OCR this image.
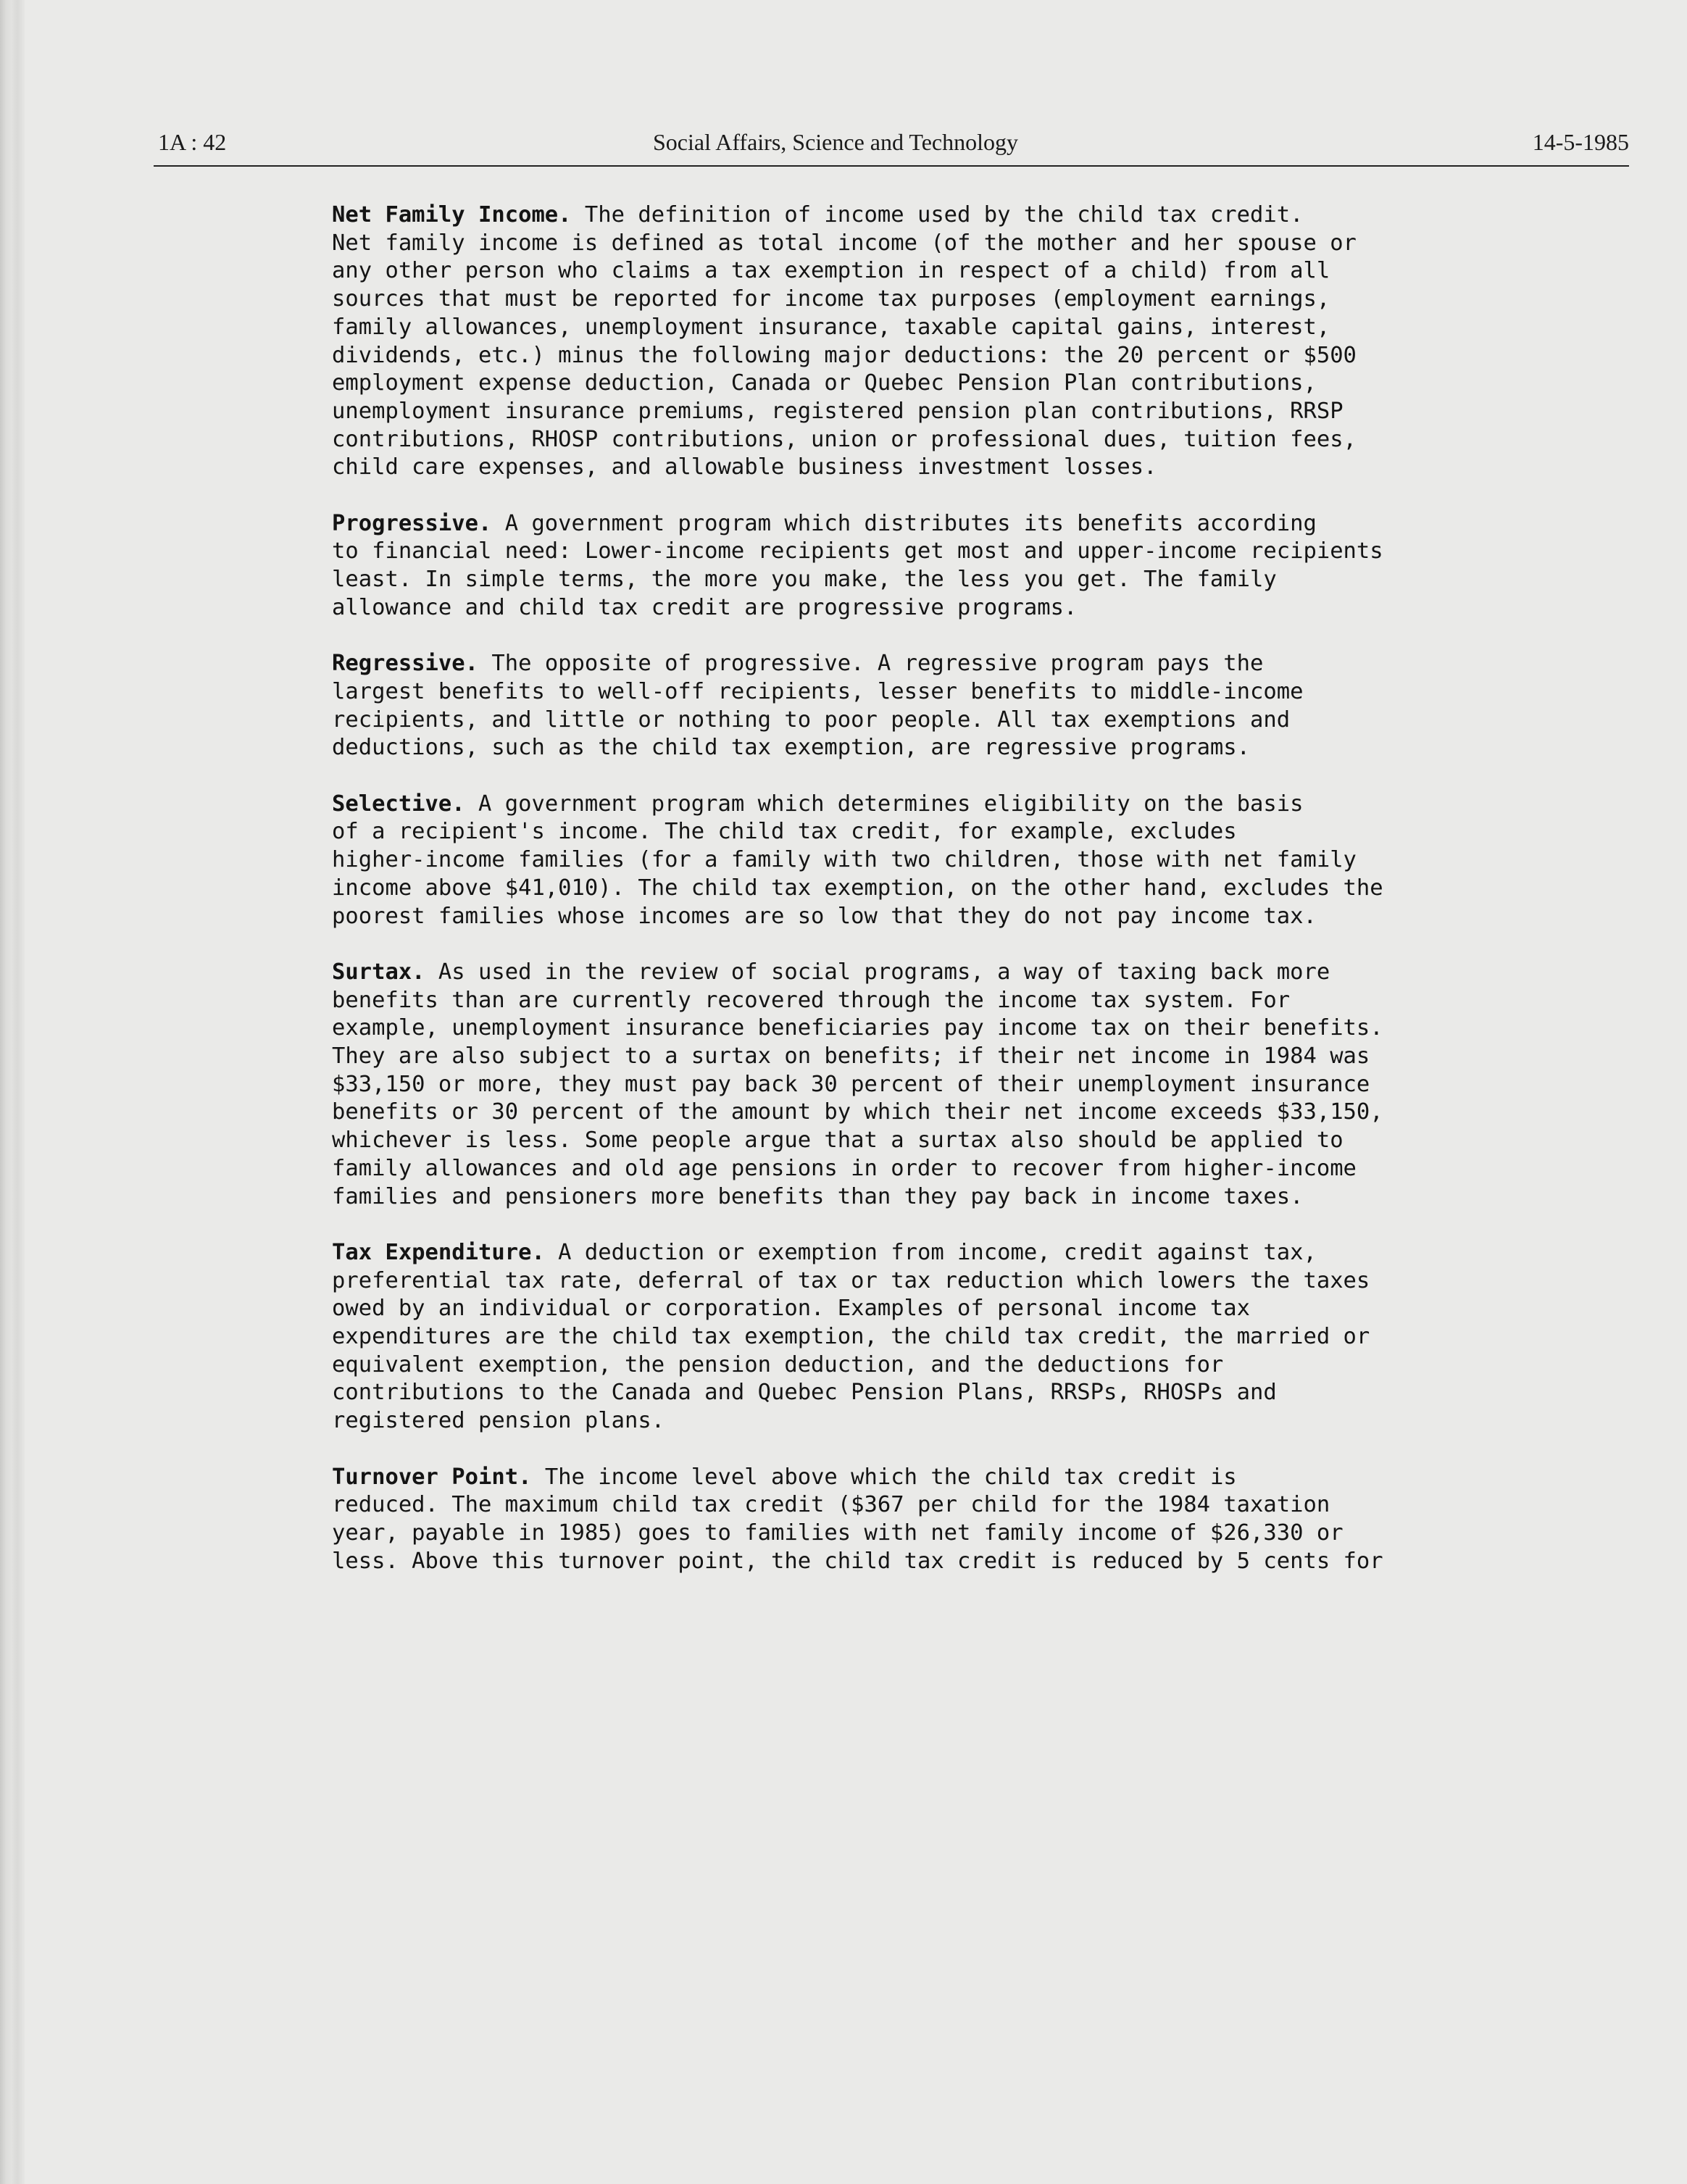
1A : 42	Social Affairs, Science and Technology	14-5-1985
Net Family Income. The definition of income used by the child tax credit.
Net family income is defined as total income (of the mother and her spouse or
any other person who claims a tax exemption in respect of a child) from all
sources that must be reported for income tax purposes (employment earnings,
family allowances, unemployment insurance, taxable capital gains, interest,
dividends, etc.) minus the following major deductions: the 20 percent or $500
employment expense deduction, Canada or Quebec Pension Plan contributions,
unemployment insurance premiums, registered pension plan contributions, RRSP
contributions, RHOSP contributions, union or professional dues, tuition fees,
child care expenses, and allowable business investment losses.
Progressive. A government program which distributes its benefits according
to financial need: Lower-income recipients get most and upper-income recipients
least. In simple terms, the more you make, the less you get. The family
allowance and child tax credit are progressive programs.
Regressive. The opposite of progressive. A regressive program pays the
largest benefits to well-off recipients, lesser benefits to middle-income
recipients, and little or nothing to poor people. All tax exemptions and
deductions, such as the child tax exemption, are regressive programs.
Selective. A government program which determines eligibility on the basis
of a recipient's income. The child tax credit, for example, excludes
higher-income families (for a family with two children, those with net family
income above $41,010). The child tax exemption, on the other hand, excludes the
poorest families whose incomes are so low that they do not pay income tax.
Surtax. As used in the review of social programs, a way of taxing back more
benefits than are currently recovered through the income tax system. For
example, unemployment insurance beneficiaries pay income tax on their benefits.
They are also subject to a surtax on benefits; if their net income in 1984 was
$33,150 or more, they must pay back 30 percent of their unemployment insurance
benefits or 30 percent of the amount by which their net income exceeds $33,150,
whichever is less. Some people argue that a surtax also should be applied to
family allowances and old age pensions in order to recover from higher-income
families and pensioners more benefits than they pay back in income taxes.
Tax Expenditure. A deduction or exemption from income, credit against tax,
preferential tax rate, deferral of tax or tax reduction which lowers the taxes
owed by an individual or corporation. Examples of personal income tax
expenditures are the child tax exemption, the child tax credit, the married or
equivalent exemption, the pension deduction, and the deductions for
contributions to the Canada and Quebec Pension Plans, RRSPs, RHOSPs and
registered pension plans.
Turnover Point. The income level above which the child tax credit is
reduced. The maximum child tax credit ($367 per child for the 1984 taxation
year, payable in 1985) goes to families with net family income of $26,330 or
less. Above this turnover point, the child tax credit is reduced by 5 cents for
